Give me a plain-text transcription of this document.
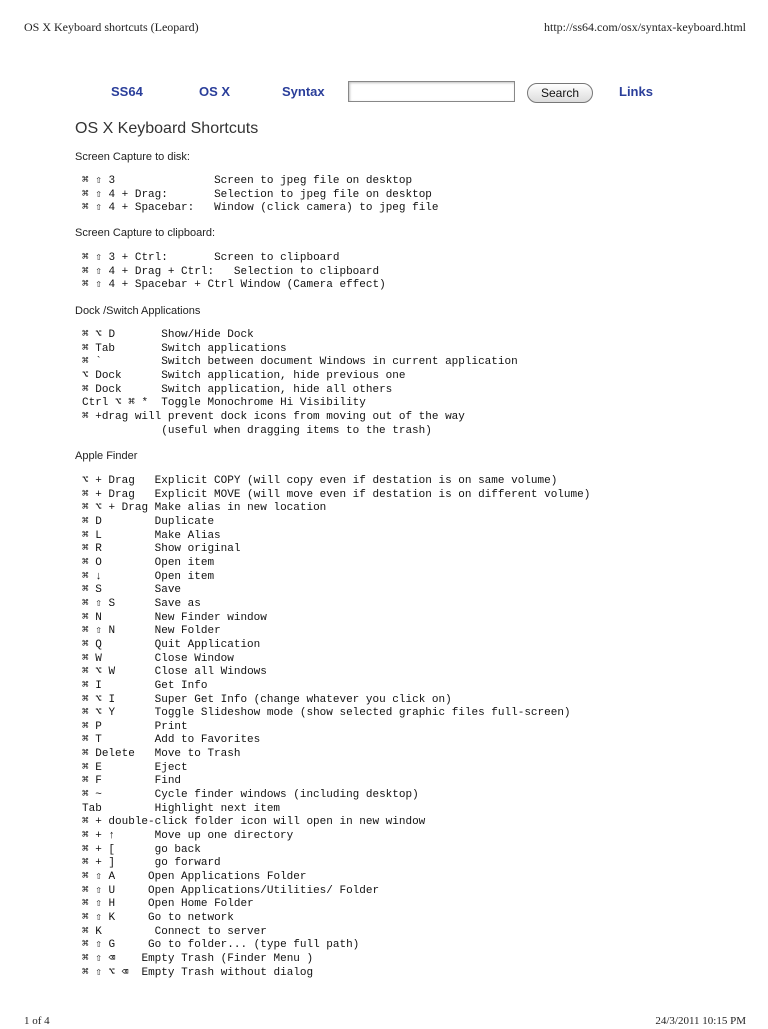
OS X Keyboard shortcuts (Leopard)	http://ss64.com/osx/syntax-keyboard.html
SS64	OS X	Syntax	Search	Links
OS X Keyboard Shortcuts
Screen Capture to disk:
⌘ ⇧ 3               Screen to jpeg file on desktop
⌘ ⇧ 4 + Drag:       Selection to jpeg file on desktop
⌘ ⇧ 4 + Spacebar:   Window (click camera) to jpeg file
Screen Capture to clipboard:
⌘ ⇧ 3 + Ctrl:       Screen to clipboard
⌘ ⇧ 4 + Drag + Ctrl:   Selection to clipboard
⌘ ⇧ 4 + Spacebar + Ctrl Window (Camera effect)
Dock /Switch Applications
⌘ ⌥ D       Show/Hide Dock
⌘ Tab       Switch applications
⌘ `         Switch between document Windows in current application
⌥ Dock      Switch application, hide previous one
⌘ Dock      Switch application, hide all others
Ctrl ⌥ ⌘ *  Toggle Monochrome Hi Visibility
⌘ +drag will prevent dock icons from moving out of the way
(useful when dragging items to the trash)
Apple Finder
⌥ + Drag   Explicit COPY (will copy even if destation is on same volume)
⌘ + Drag   Explicit MOVE (will move even if destation is on different volume)
⌘ ⌥ + Drag Make alias in new location
⌘ D        Duplicate
⌘ L        Make Alias
⌘ R        Show original
⌘ O        Open item
⌘ ↓        Open item
⌘ S        Save
⌘ ⇧ S      Save as
⌘ N        New Finder window
⌘ ⇧ N      New Folder
⌘ Q        Quit Application
⌘ W        Close Window
⌘ ⌥ W      Close all Windows
⌘ I        Get Info
⌘ ⌥ I      Super Get Info (change whatever you click on)
⌘ ⌥ Y      Toggle Slideshow mode (show selected graphic files full-screen)
⌘ P        Print
⌘ T        Add to Favorites
⌘ Delete   Move to Trash
⌘ E        Eject
⌘ F        Find
⌘ ~        Cycle finder windows (including desktop)
Tab        Highlight next item
⌘ + double-click folder icon will open in new window
⌘ + ↑      Move up one directory
⌘ + [      go back
⌘ + ]      go forward
⌘ ⇧ A     Open Applications Folder
⌘ ⇧ U     Open Applications/Utilities/ Folder
⌘ ⇧ H     Open Home Folder
⌘ ⇧ K     Go to network
⌘ K        Connect to server
⌘ ⇧ G     Go to folder... (type full path)
⌘ ⇧ ⌫    Empty Trash (Finder Menu )
⌘ ⇧ ⌥ ⌫  Empty Trash without dialog
1 of 4	24/3/2011 10:15 PM
